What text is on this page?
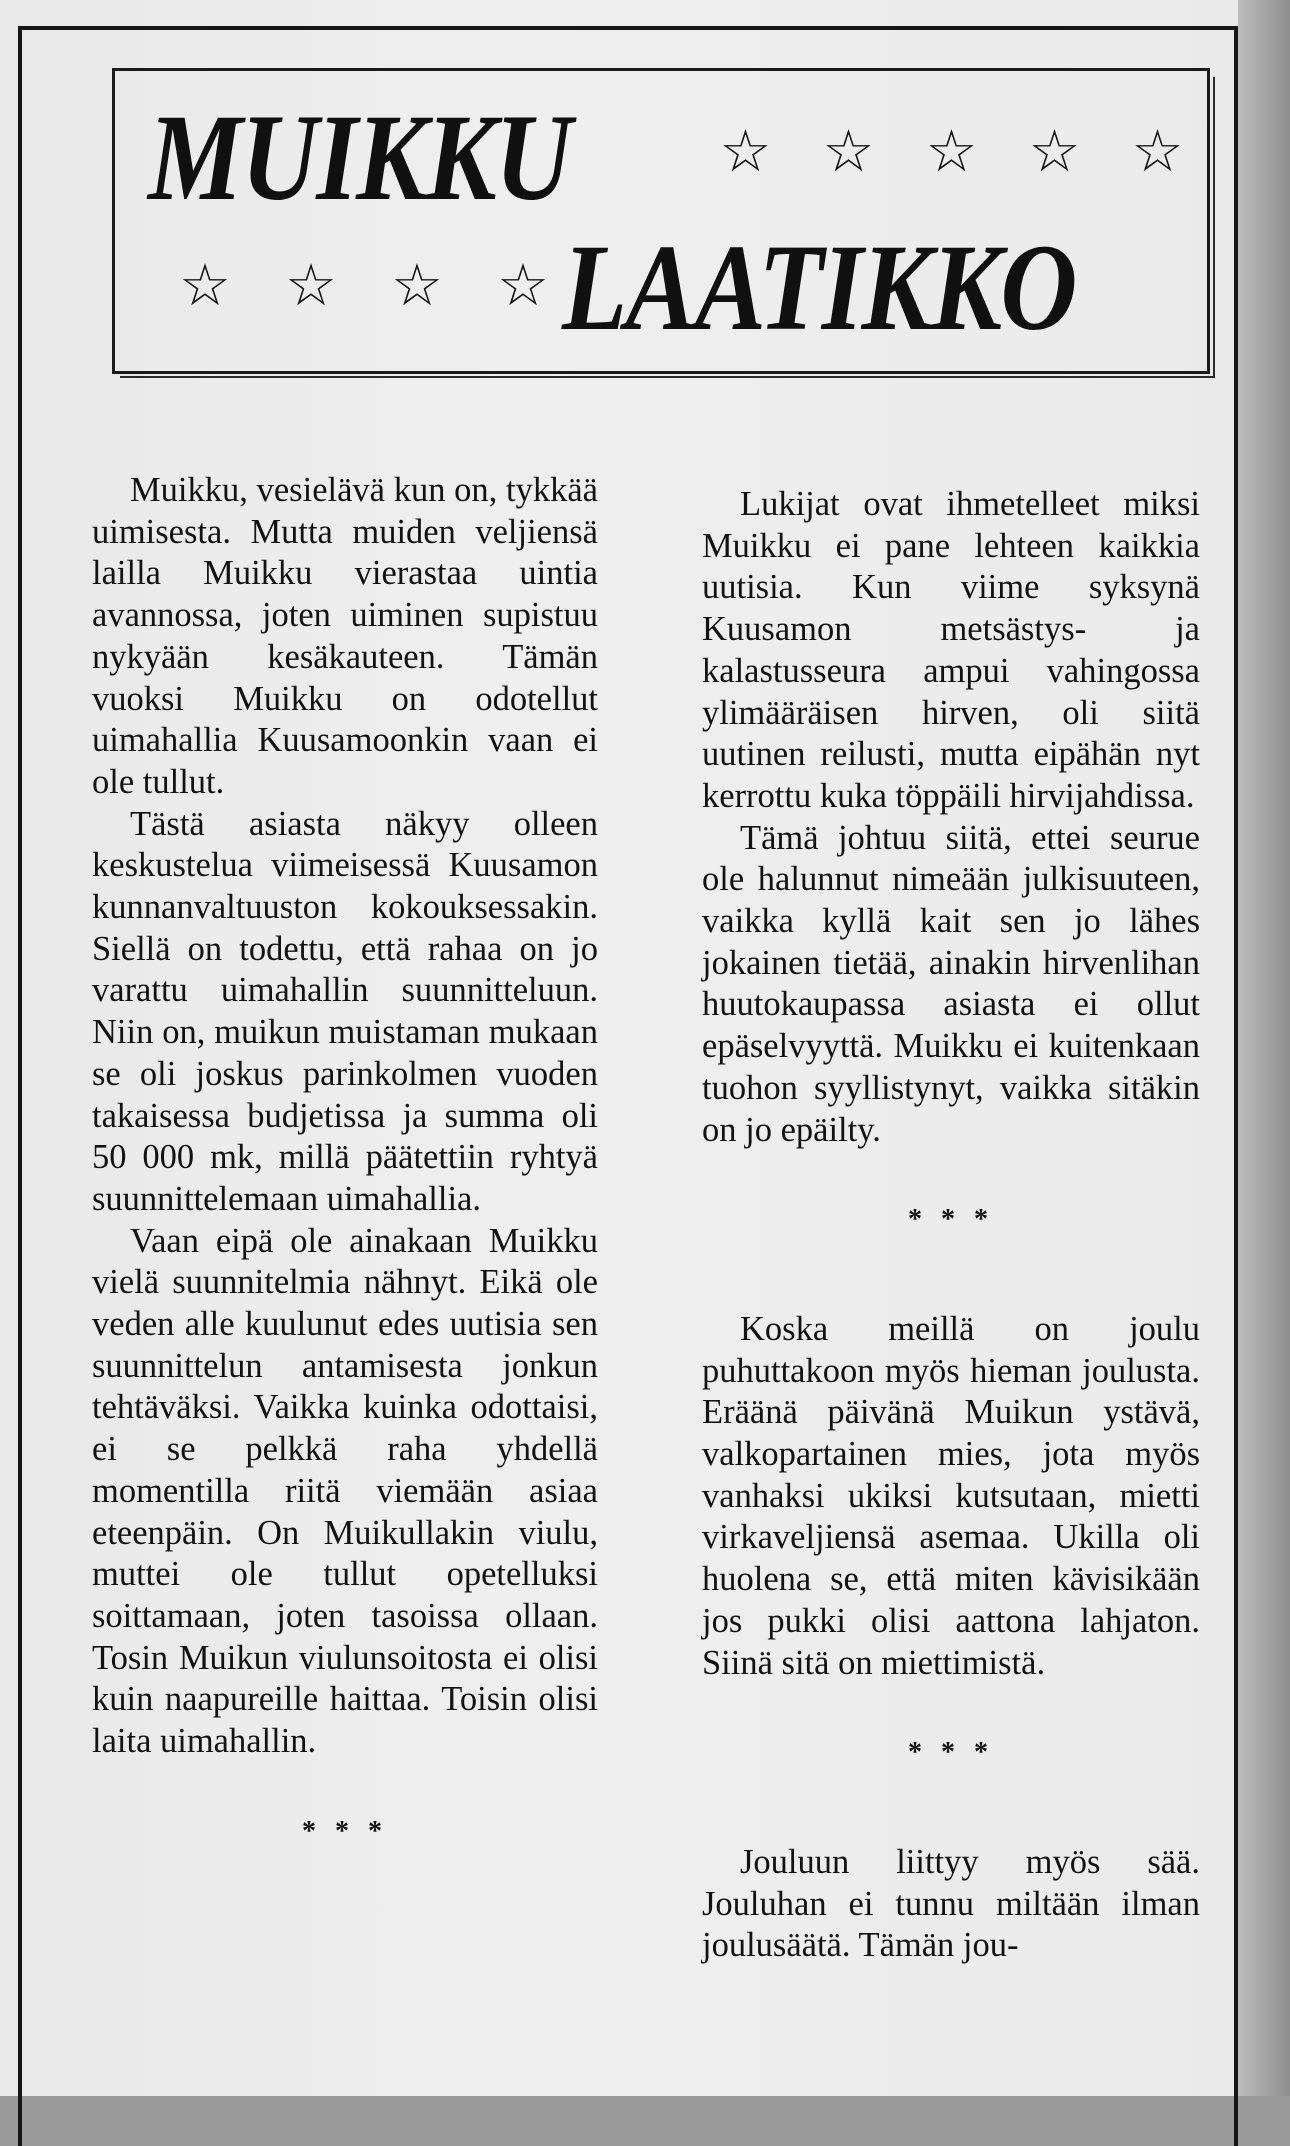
MUIKKU	☆ ☆ ☆ ☆ ☆
☆ ☆ ☆ ☆ LAATIKKO

Muikku, vesielävä kun on, tykkää uimisesta. Mutta muiden veljiensä lailla Muikku vierastaa uintia avannossa, joten uiminen supistuu nykyään kesäkauteen. Tämän vuoksi Muikku on odotellut uimahallia Kuusamoonkin vaan ei ole tullut.

Tästä asiasta näkyy olleen keskustelua viimeisessä Kuusamon kunnanvaltuuston kokouksessakin. Siellä on todettu, että rahaa on jo varattu uimahallin suunnitteluun. Niin on, muikun muistaman mukaan se oli joskus parinkolmen vuoden takaisessa budjetissa ja summa oli 50 000 mk, millä päätettiin ryhtyä suunnittelemaan uimahallia.

Vaan eipä ole ainakaan Muikku vielä suunnitelmia nähnyt. Eikä ole veden alle kuulunut edes uutisia sen suunnittelun antamisesta jonkun tehtäväksi. Vaikka kuinka odottaisi, ei se pelkkä raha yhdellä momentilla riitä viemään asiaa eteenpäin. On Muikullakin viulu, muttei ole tullut opetelluksi soittamaan, joten tasoissa ollaan. Tosin Muikun viulunsoitosta ei olisi kuin naapureille haittaa. Toisin olisi laita uimahallin.

* * *

Lukijat ovat ihmetelleet miksi Muikku ei pane lehteen kaikkia uutisia. Kun viime syksynä Kuusamon metsästys- ja kalastusseura ampui vahingossa ylimääräisen hirven, oli siitä uutinen reilusti, mutta eipähän nyt kerrottu kuka töppäili hirvijahdissa.

Tämä johtuu siitä, ettei seurue ole halunnut nimeään julkisuuteen, vaikka kyllä kait sen jo lähes jokainen tietää, ainakin hirvenlihan huutokaupassa asiasta ei ollut epäselvyyttä. Muikku ei kuitenkaan tuohon syyllistynyt, vaikka sitäkin on jo epäilty.

* * *

Koska meillä on joulu puhuttakoon myös hieman joulusta. Eräänä päivänä Muikun ystävä, valkopartainen mies, jota myös vanhaksi ukiksi kutsutaan, mietti virkaveljiensä asemaa. Ukilla oli huolena se, että miten kävisikään jos pukki olisi aattona lahjaton. Siinä sitä on miettimistä.

* * *

Jouluun liittyy myös sää. Jouluhan ei tunnu miltään ilman joulusäätä. Tämän jou-
